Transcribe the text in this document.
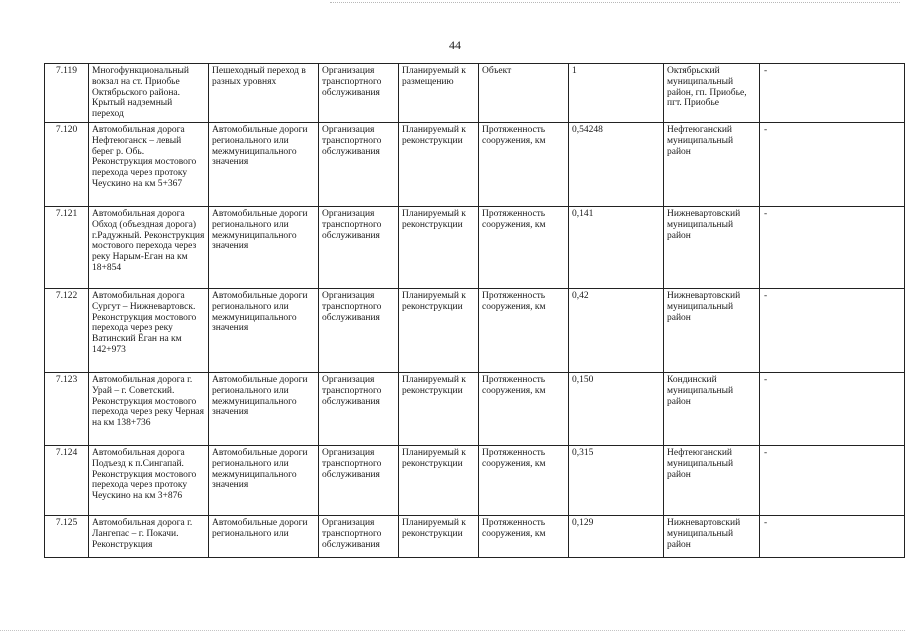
44
7.119	Многофункциональный вокзал на ст. Приобье Октябрьского района. Крытый надземный переход	Пешеходный переход в разных уровнях	Организация транспортного обслуживания	Планируемый к размещению	Объект	1	Октябрьский муниципальный район, гп. Приобье, пгт. Приобье	-
7.120	Автомобильная дорога Нефтеюганск – левый берег р. Обь. Реконструкция мостового перехода через протоку Чеускино на км 5+367	Автомобильные дороги регионального или межмуниципального значения	Организация транспортного обслуживания	Планируемый к реконструкции	Протяженность сооружения, км	0,54248	Нефтеюганский муниципальный район	-
7.121	Автомобильная дорога Обход (объездная дорога) г.Радужный. Реконструкция мостового перехода через реку Нарым-Еган на км 18+854	Автомобильные дороги регионального или межмуниципального значения	Организация транспортного обслуживания	Планируемый к реконструкции	Протяженность сооружения, км	0,141	Нижневартовский муниципальный район	-
7.122	Автомобильная дорога Сургут – Нижневартовск. Реконструкция мостового перехода через реку Ватинский Ёган на км 142+973	Автомобильные дороги регионального или межмуниципального значения	Организация транспортного обслуживания	Планируемый к реконструкции	Протяженность сооружения, км	0,42	Нижневартовский муниципальный район	-
7.123	Автомобильная дорога г. Урай – г. Советский. Реконструкция мостового перехода через реку Черная на км 138+736	Автомобильные дороги регионального или межмуниципального значения	Организация транспортного обслуживания	Планируемый к реконструкции	Протяженность сооружения, км	0,150	Кондинский муниципальный район	-
7.124	Автомобильная дорога Подъезд к п.Сингапай. Реконструкция мостового перехода через протоку Чеускино на км 3+876	Автомобильные дороги регионального или межмуниципального значения	Организация транспортного обслуживания	Планируемый к реконструкции	Протяженность сооружения, км	0,315	Нефтеюганский муниципальный район	-
7.125	Автомобильная дорога г. Лангепас – г. Покачи. Реконструкция	Автомобильные дороги регионального или	Организация транспортного обслуживания	Планируемый к реконструкции	Протяженность сооружения, км	0,129	Нижневартовский муниципальный район	-
